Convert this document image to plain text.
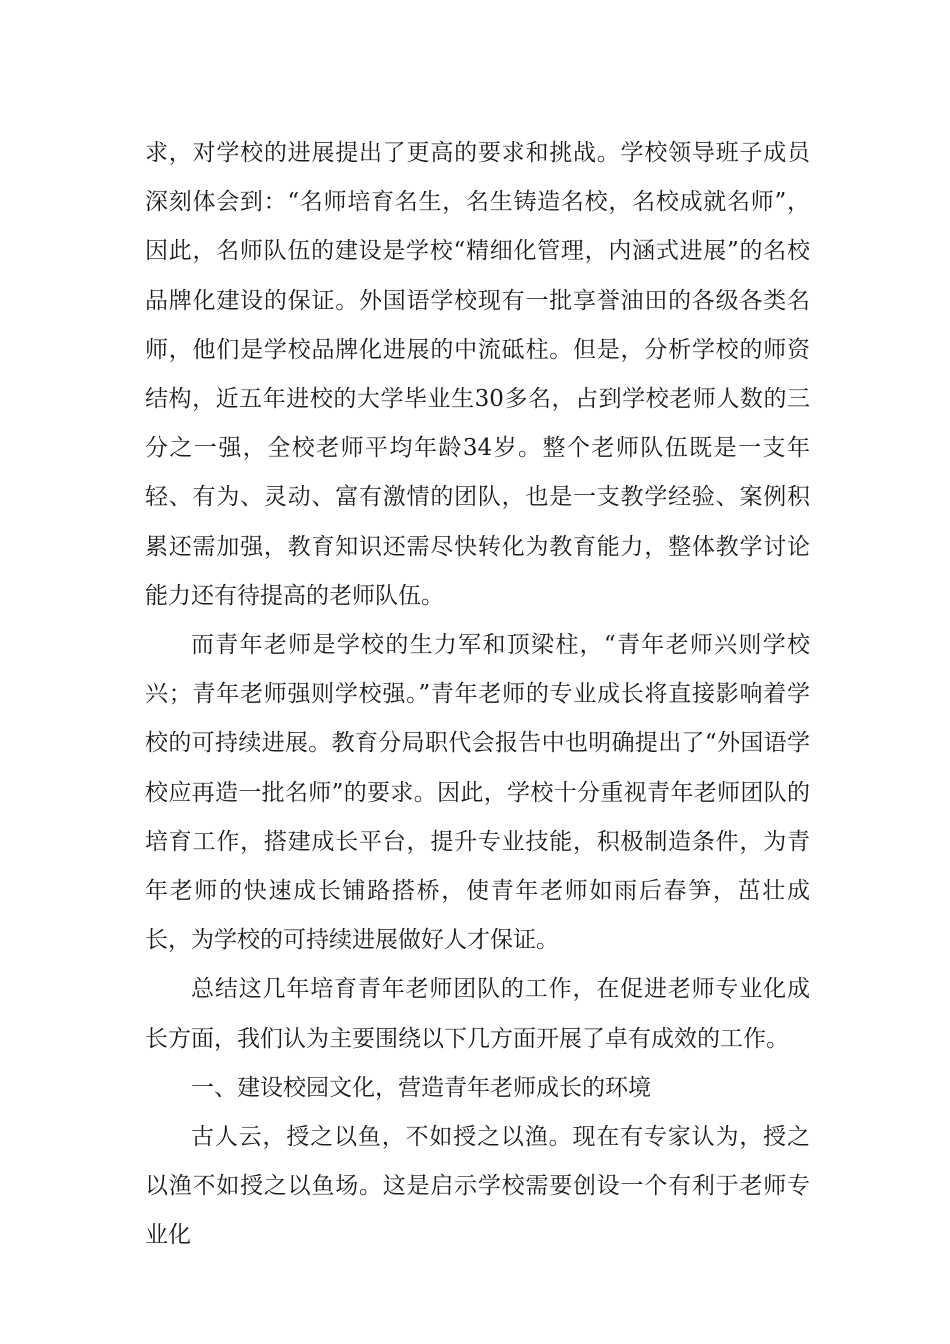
求，对学校的进展提出了更高的要求和挑战。学校领导班子成员深刻体会到：“名师培育名生，名生铸造名校，名校成就名师”，因此，名师队伍的建设是学校“精细化管理，内涵式进展”的名校品牌化建设的保证。外国语学校现有一批享誉油田的各级各类名师，他们是学校品牌化进展的中流砥柱。但是，分析学校的师资结构，近五年进校的大学毕业生30多名，占到学校老师人数的三分之一强，全校老师平均年龄34岁。整个老师队伍既是一支年轻、有为、灵动、富有激情的团队，也是一支教学经验、案例积累还需加强，教育知识还需尽快转化为教育能力，整体教学讨论能力还有待提高的老师队伍。

而青年老师是学校的生力军和顶梁柱，“青年老师兴则学校兴；青年老师强则学校强。”青年老师的专业成长将直接影响着学校的可持续进展。教育分局职代会报告中也明确提出了“外国语学校应再造一批名师”的要求。因此，学校十分重视青年老师团队的培育工作，搭建成长平台，提升专业技能，积极制造条件，为青年老师的快速成长铺路搭桥，使青年老师如雨后春笋，茁壮成长，为学校的可持续进展做好人才保证。

总结这几年培育青年老师团队的工作，在促进老师专业化成长方面，我们认为主要围绕以下几方面开展了卓有成效的工作。

一、建设校园文化，营造青年老师成长的环境

古人云，授之以鱼，不如授之以渔。现在有专家认为，授之以渔不如授之以鱼场。这是启示学校需要创设一个有利于老师专业化
